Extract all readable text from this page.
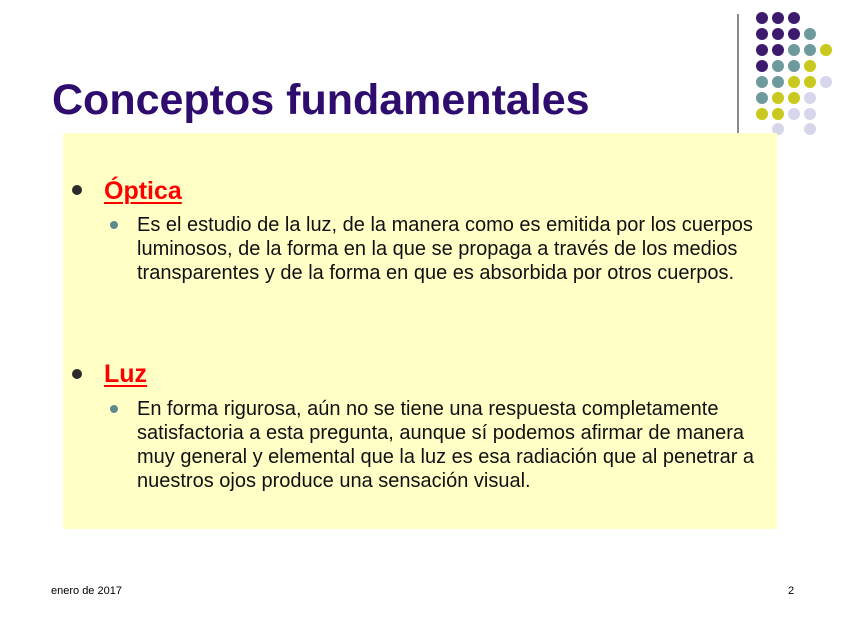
Conceptos fundamentales
Óptica

Es el estudio de la luz, de la manera como es emitida por los cuerpos luminosos, de la forma en la que se propaga a través de los medios transparentes y de la forma en que es absorbida por otros cuerpos.

Luz

En forma rigurosa, aún no se tiene una respuesta completamente satisfactoria a esta pregunta, aunque sí podemos afirmar de manera muy general y elemental que la luz es esa radiación que al penetrar a nuestros ojos produce una sensación visual.

enero de 2017	2
